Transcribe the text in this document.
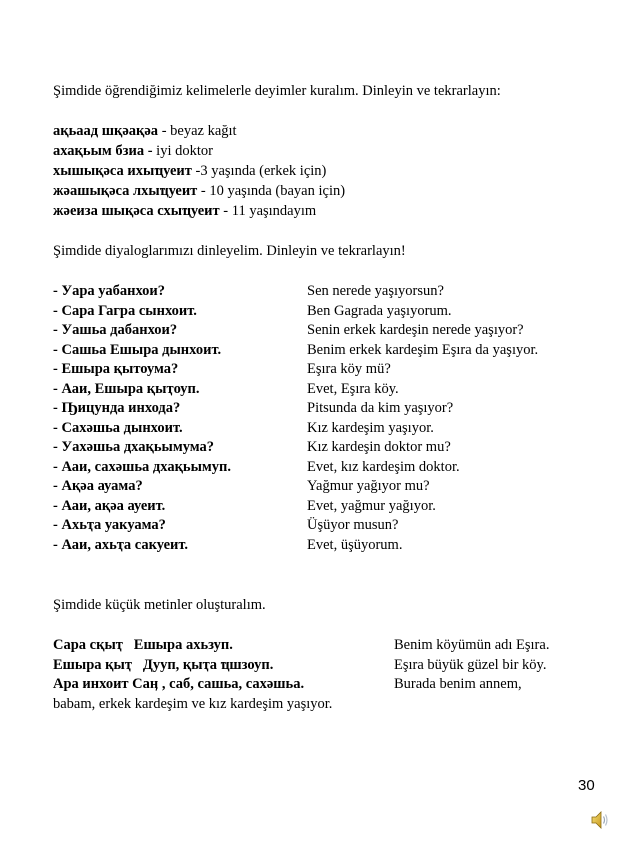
Şimdide öğrendiğimiz kelimelerle deyimler kuralım. Dinleyin ve tekrarlayın:
ақьаад шқәақәа - beyaz kağıt
ахақьым бзиа - iyi doktor
хышықәса ихыҵуеит -3 yaşında (erkek için)
жәашықәса лхыҵуеит - 10 yaşında (bayan için)
жәеиза шықәса схыҵуеит - 11 yaşındayım
Şimdide diyaloglarımızı dinleyelim. Dinleyin ve tekrarlayın!
- Уара уабанхои?	Sen nerede yaşıyorsun?
- Сара Гагра сынхоит.	Ben Gagrada yaşıyorum.
- Уашьа дабанхои?	Senin erkek kardeşin nerede yaşıyor?
- Сашьа Ешыра дынхоит.	Benim erkek kardeşim Eşıra da yaşıyor.
- Ешыра қытоума?	Eşıra köy mü?
- Ааи, Ешыра қыҭоуп.	Evet, Eşıra köy.
- Ҧицунда инхода?	Pitsunda da kim yaşıyor?
- Сахәшьа дынхоит.	Kız kardeşim yaşıyor.
- Уахәшьа дхақьымума?	Kız kardeşin doktor mu?
- Ааи, сахәшьа дхақьымуп.	Evet, kız kardeşim doktor.
- Ақәа ауама?	Yağmur yağıyor mu?
- Ааи, ақәа ауеит.	Evet, yağmur yağıyor.
- Ахьҭа уакуама?	Üşüyor musun?
- Ааи, ахьҭа сакуеит.	Evet, üşüyorum.
Şimdide küçük metinler oluşturalım.
Сара сқыҭ   Ешыра ахьзуп.	Benim köyümün adı Eşıra.
Ешыра қыҭ   Дууп, қыҭа ҵшзоуп.	Eşıra büyük güzel bir köy.
Ара инхоит Саӊ , саб, сашьа, сахәшьа.	Burada benim annem,
babam, erkek kardeşim ve kız kardeşim yaşıyor.
30
